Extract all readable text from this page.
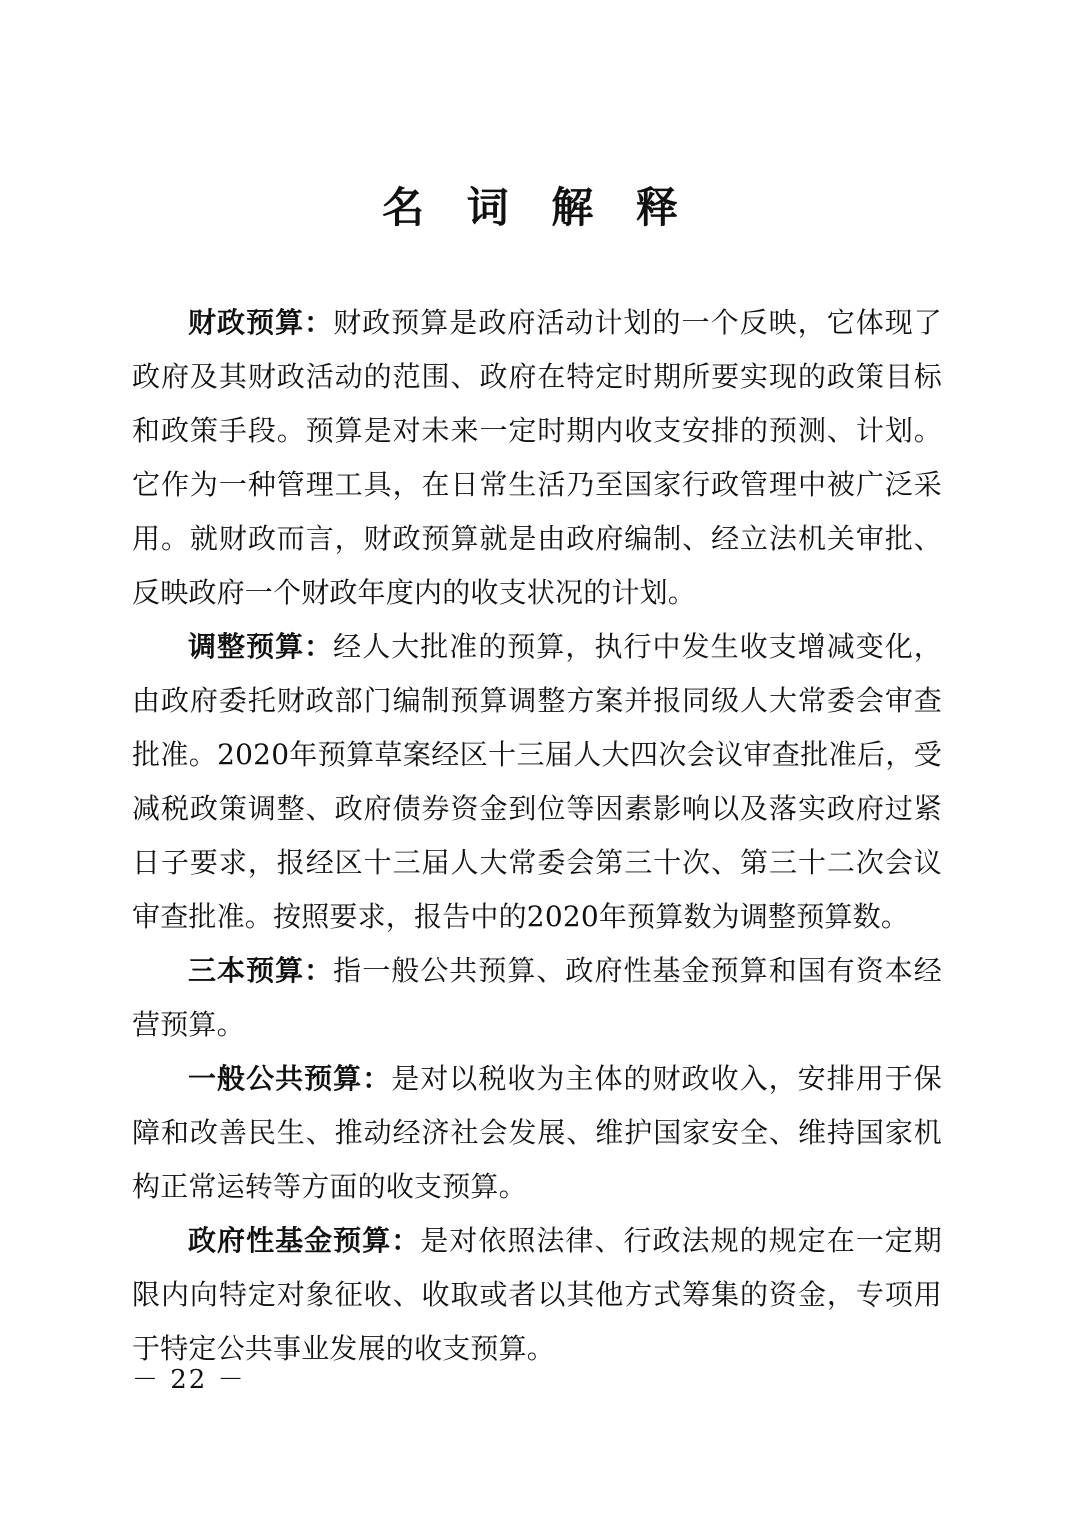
名 词 解 释

财政预算：财政预算是政府活动计划的一个反映，它体现了政府及其财政活动的范围、政府在特定时期所要实现的政策目标和政策手段。预算是对未来一定时期内收支安排的预测、计划。它作为一种管理工具，在日常生活乃至国家行政管理中被广泛采用。就财政而言，财政预算就是由政府编制、经立法机关审批、反映政府一个财政年度内的收支状况的计划。

调整预算：经人大批准的预算，执行中发生收支增减变化，由政府委托财政部门编制预算调整方案并报同级人大常委会审查批准。2020年预算草案经区十三届人大四次会议审查批准后，受减税政策调整、政府债券资金到位等因素影响以及落实政府过紧日子要求，报经区十三届人大常委会第三十次、第三十二次会议审查批准。按照要求，报告中的2020年预算数为调整预算数。

三本预算：指一般公共预算、政府性基金预算和国有资本经营预算。

一般公共预算：是对以税收为主体的财政收入，安排用于保障和改善民生、推动经济社会发展、维护国家安全、维持国家机构正常运转等方面的收支预算。

政府性基金预算：是对依照法律、行政法规的规定在一定期限内向特定对象征收、收取或者以其他方式筹集的资金，专项用于特定公共事业发展的收支预算。

－ 22 －
